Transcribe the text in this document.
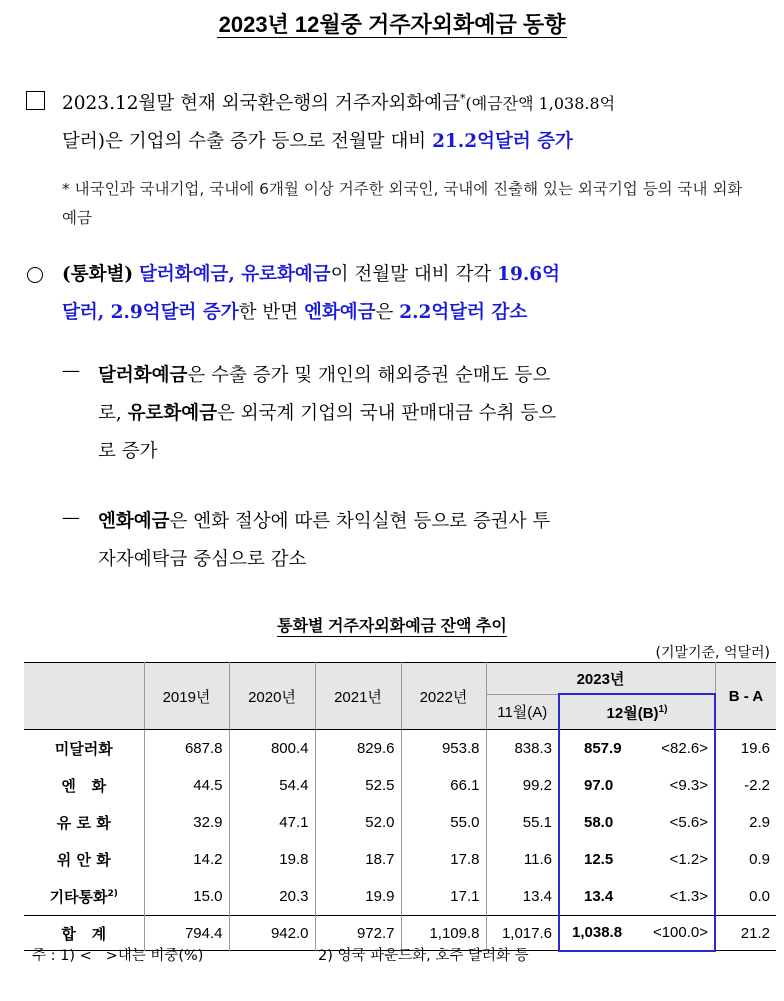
2023년 12월중 거주자외화예금 동향
2023.12월말 현재 외국환은행의 거주자외화예금*(예금잔액 1,038.8억
달러)은 기업의 수출 증가 등으로 전월말 대비 21.2억달러 증가
* 내국인과 국내기업, 국내에 6개월 이상 거주한 외국인, 국내에 진출해 있는 외국기업 등의 국내 외화예금
(통화별) 달러화예금, 유로화예금이 전월말 대비 각각 19.6억
달러, 2.9억달러 증가한 반면 엔화예금은 2.2억달러 감소
— 달러화예금은 수출 증가 및 개인의 해외증권 순매도 등으
로, 유로화예금은 외국계 기업의 국내 판매대금 수취 등으
로 증가
— 엔화예금은 엔화 절상에 따른 차익실현 등으로 증권사 투
자자예탁금 중심으로 감소
통화별 거주자외화예금 잔액 추이
(기말기준, 억달러)
	2019년	2020년	2021년	2022년	2023년		B - A
					11월(A)	12월$(B)^{1)}$
미달러화	687.8	800.4	829.6	953.8	838.3	857.9 <82.6>	19.6
엔   화	44.5	54.4	52.5	66.1	99.2	97.0 <9.3>	-2.2
유 로 화	32.9	47.1	52.0	55.0	55.1	58.0 <5.6>	2.9
위 안 화	14.2	19.8	18.7	17.8	11.6	12.5 <1.2>	0.9
기타통화$^{2)}$	15.0	20.3	19.9	17.1	13.4	13.4 <1.3>	0.0
합   계	794.4	942.0	972.7	1,109.8	1,017.6	1,038.8 <100.0>	21.2
주 : 1) <   >내는 비중(%)	2) 영국 파운드화, 호주 달러화 등
